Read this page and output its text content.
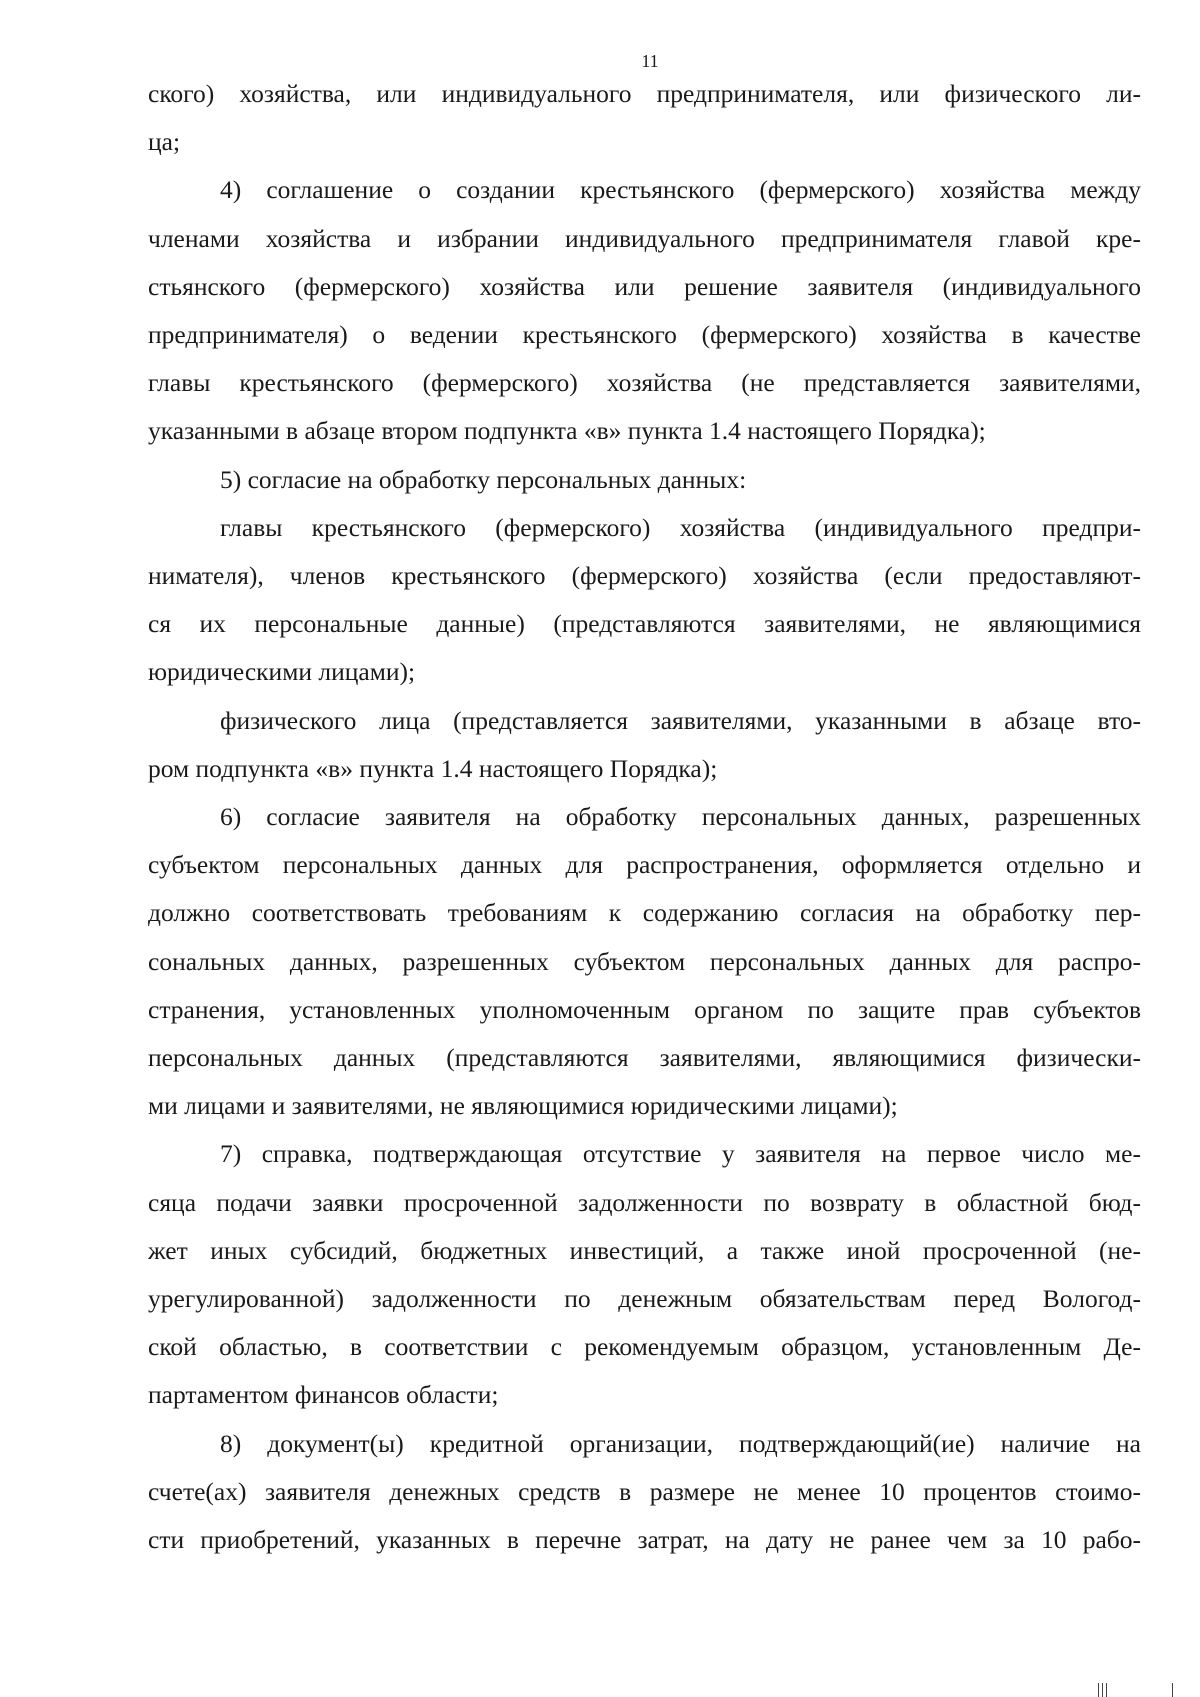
11
ского) хозяйства, или индивидуального предпринимателя, или физического ли-
ца;
4) соглашение о создании крестьянского (фермерского) хозяйства между
членами хозяйства и избрании индивидуального предпринимателя главой кре-
стьянского (фермерского) хозяйства или решение заявителя (индивидуального
предпринимателя) о ведении крестьянского (фермерского) хозяйства в качестве
главы крестьянского (фермерского) хозяйства (не представляется заявителями,
указанными в абзаце втором подпункта «в» пункта 1.4 настоящего Порядка);
5) согласие на обработку персональных данных:
главы крестьянского (фермерского) хозяйства (индивидуального предпри-
нимателя), членов крестьянского (фермерского) хозяйства (если предоставляют-
ся их персональные данные) (представляются заявителями, не являющимися
юридическими лицами);
физического лица (представляется заявителями, указанными в абзаце вто-
ром подпункта «в» пункта 1.4 настоящего Порядка);
6) согласие заявителя на обработку персональных данных, разрешенных
субъектом персональных данных для распространения, оформляется отдельно и
должно соответствовать требованиям к содержанию согласия на обработку пер-
сональных данных, разрешенных субъектом персональных данных для распро-
странения, установленных уполномоченным органом по защите прав субъектов
персональных данных (представляются заявителями, являющимися физически-
ми лицами и заявителями, не являющимися юридическими лицами);
7) справка, подтверждающая отсутствие у заявителя на первое число ме-
сяца подачи заявки просроченной задолженности по возврату в областной бюд-
жет иных субсидий, бюджетных инвестиций, а также иной просроченной (не-
урегулированной) задолженности по денежным обязательствам перед Вологод-
ской областью, в соответствии с рекомендуемым образцом, установленным Де-
партаментом финансов области;
8) документ(ы) кредитной организации, подтверждающий(ие) наличие на
счете(ах) заявителя денежных средств в размере не менее 10 процентов стоимо-
сти приобретений, указанных в перечне затрат, на дату не ранее чем за 10 рабо-
